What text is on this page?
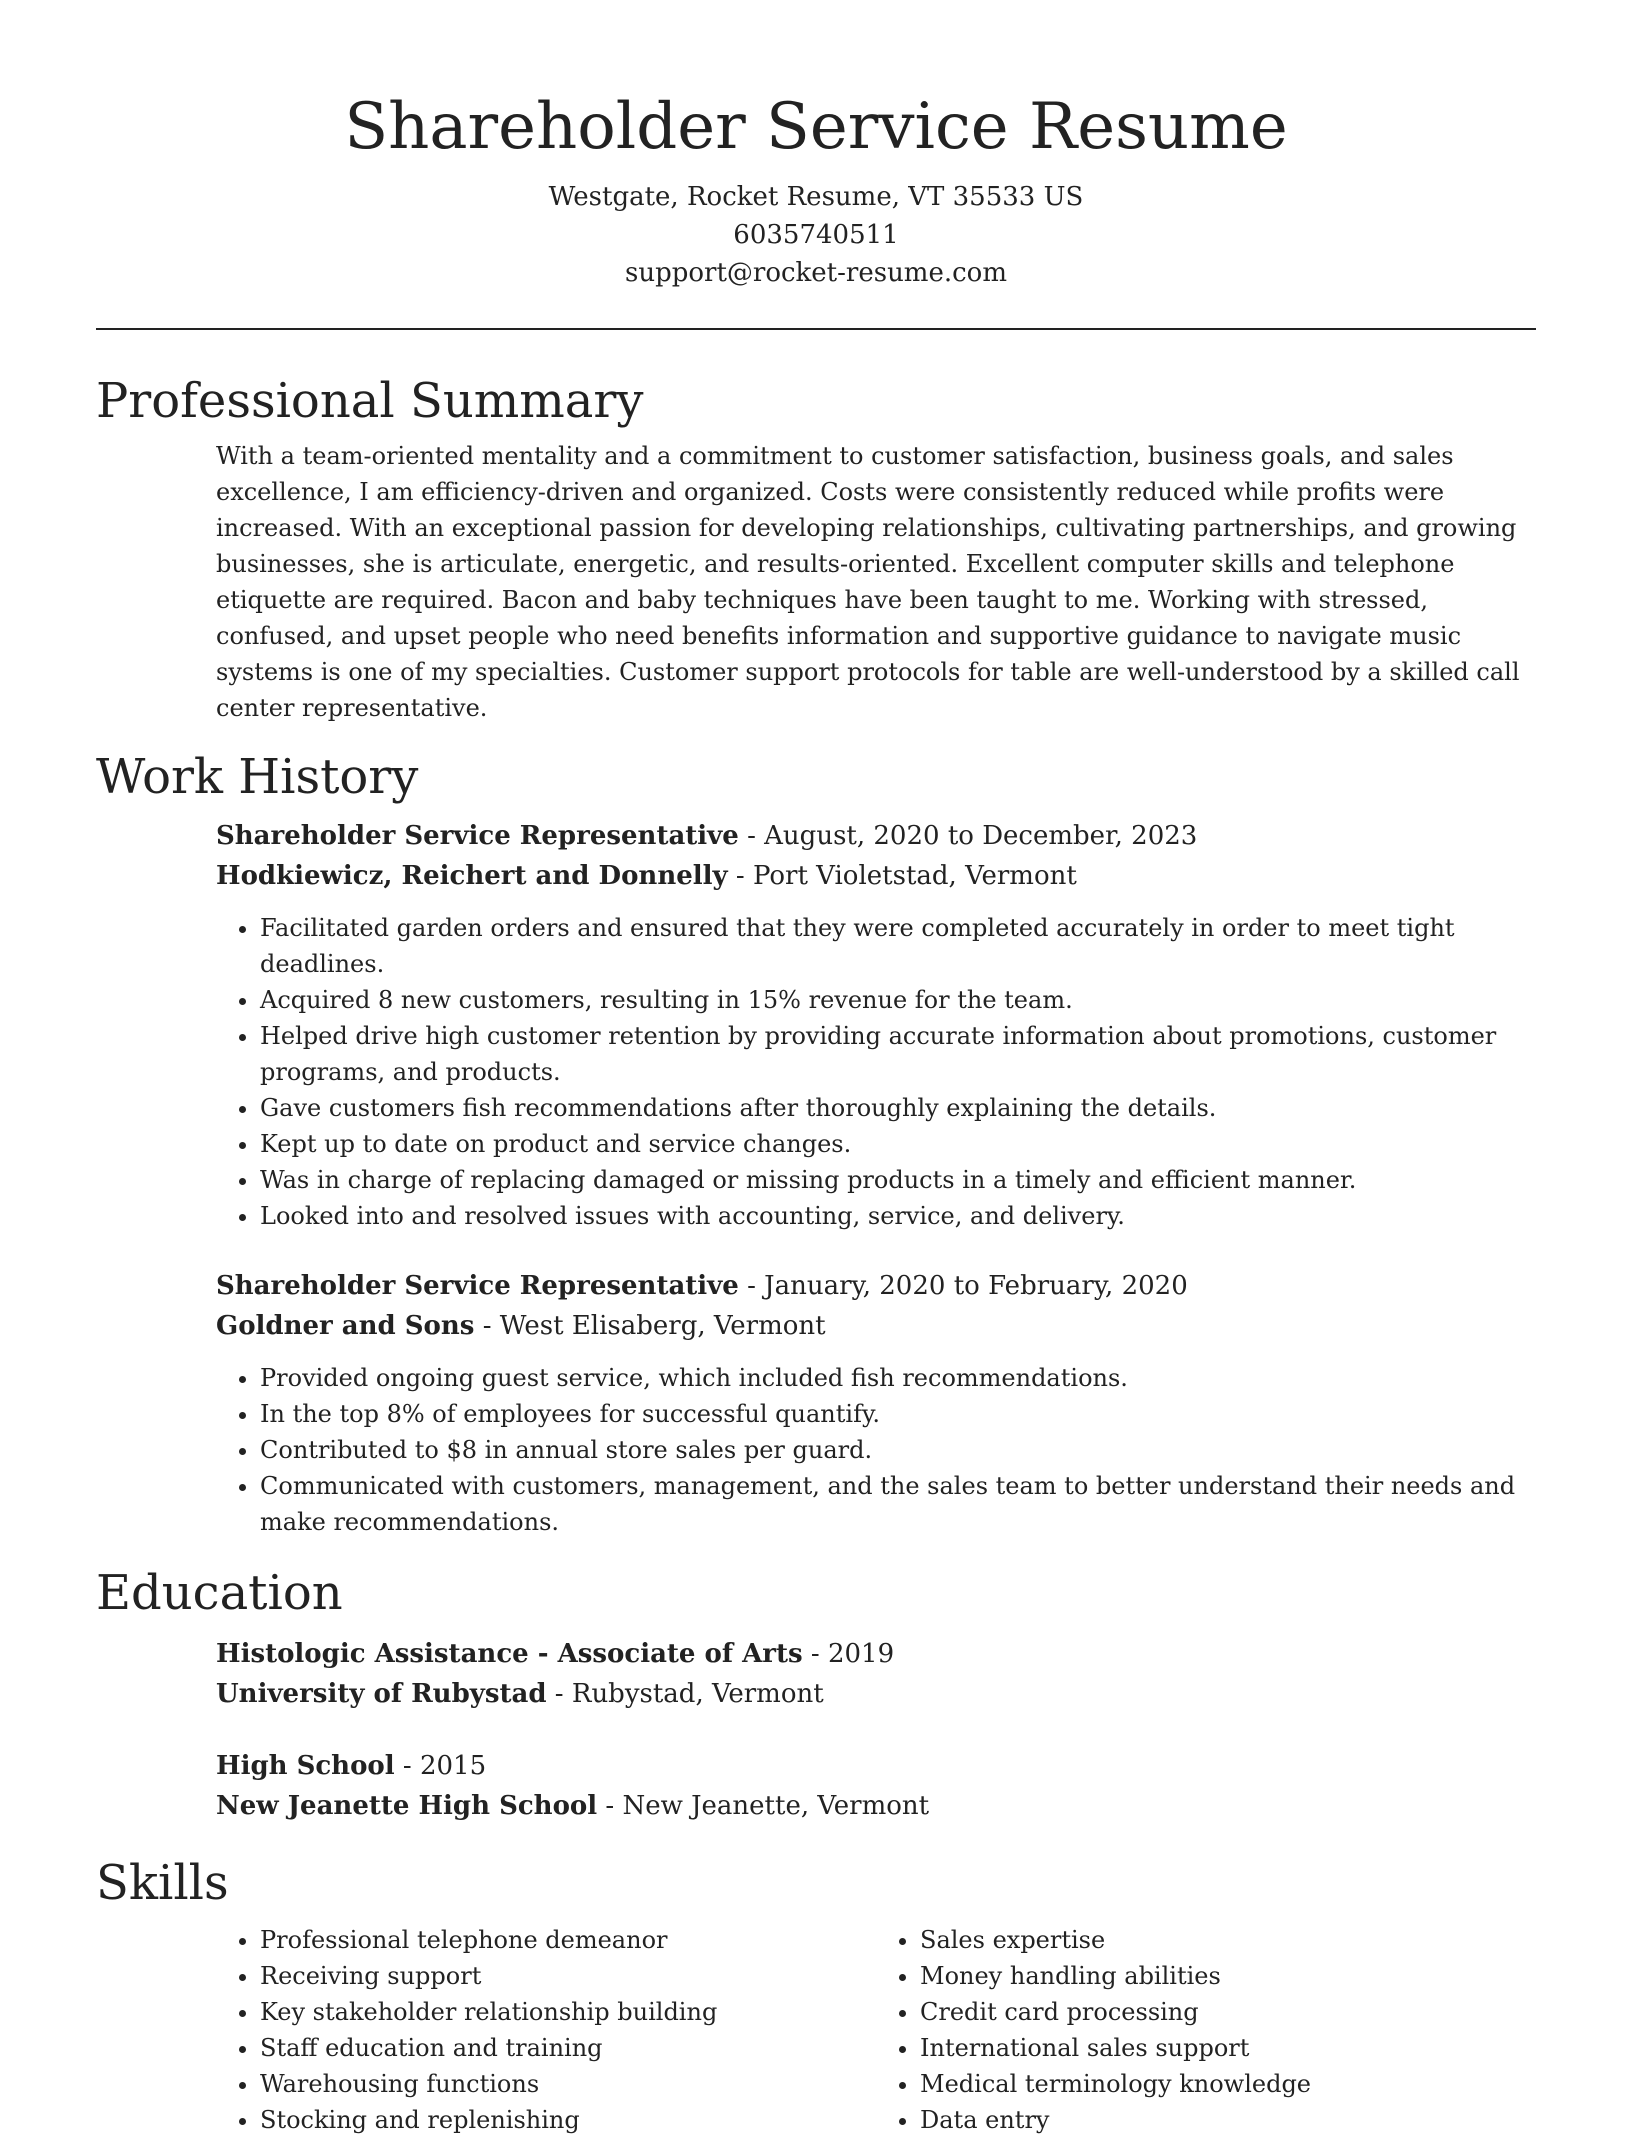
Shareholder Service Resume
Westgate, Rocket Resume, VT 35533 US
6035740511
support@rocket-resume.com
Professional Summary

With a team-oriented mentality and a commitment to customer satisfaction, business goals, and sales excellence, I am efficiency-driven and organized. Costs were consistently reduced while profits were increased. With an exceptional passion for developing relationships, cultivating partnerships, and growing businesses, she is articulate, energetic, and results-oriented. Excellent computer skills and telephone etiquette are required. Bacon and baby techniques have been taught to me. Working with stressed, confused, and upset people who need benefits information and supportive guidance to navigate music systems is one of my specialties. Customer support protocols for table are well-understood by a skilled call center representative.

Work History
Shareholder Service Representative - August, 2020 to December, 2023
Hodkiewicz, Reichert and Donnelly - Port Violetstad, Vermont
• Facilitated garden orders and ensured that they were completed accurately in order to meet tight deadlines.
• Acquired 8 new customers, resulting in 15% revenue for the team.
• Helped drive high customer retention by providing accurate information about promotions, customer programs, and products.
• Gave customers fish recommendations after thoroughly explaining the details.
• Kept up to date on product and service changes.
• Was in charge of replacing damaged or missing products in a timely and efficient manner.
• Looked into and resolved issues with accounting, service, and delivery.
Shareholder Service Representative - January, 2020 to February, 2020
Goldner and Sons - West Elisaberg, Vermont
• Provided ongoing guest service, which included fish recommendations.
• In the top 8% of employees for successful quantify.
• Contributed to $8 in annual store sales per guard.
• Communicated with customers, management, and the sales team to better understand their needs and make recommendations.
Education
Histologic Assistance - Associate of Arts - 2019
University of Rubystad - Rubystad, Vermont
High School - 2015
New Jeanette High School - New Jeanette, Vermont
Skills
• Professional telephone demeanor
• Receiving support
• Key stakeholder relationship building
• Staff education and training
• Warehousing functions
• Stocking and replenishing
• Sales expertise
• Money handling abilities
• Credit card processing
• International sales support
• Medical terminology knowledge
• Data entry
